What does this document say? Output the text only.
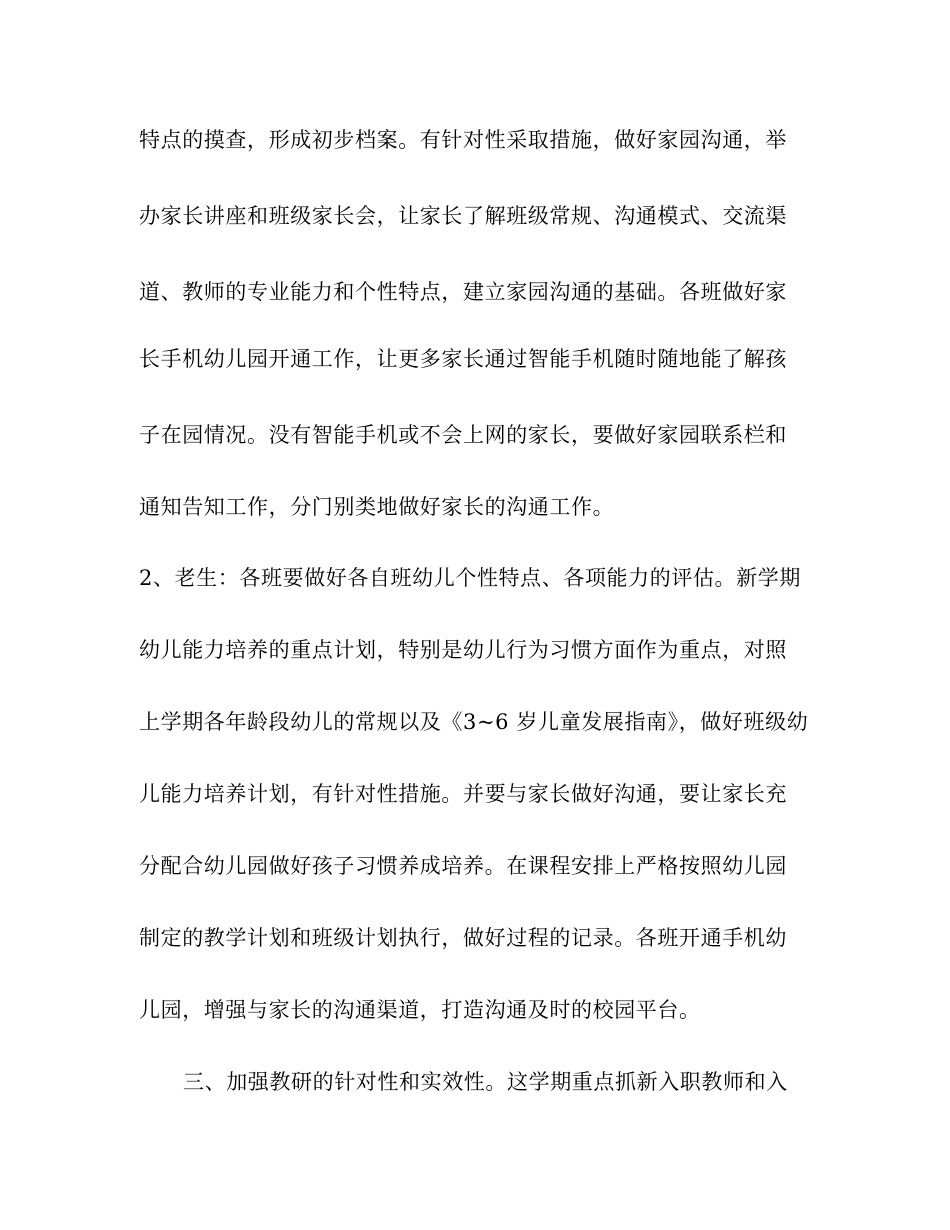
特点的摸查，形成初步档案。有针对性采取措施，做好家园沟通，举
办家长讲座和班级家长会，让家长了解班级常规、沟通模式、交流渠
道、教师的专业能力和个性特点，建立家园沟通的基础。各班做好家
长手机幼儿园开通工作，让更多家长通过智能手机随时随地能了解孩
子在园情况。没有智能手机或不会上网的家长，要做好家园联系栏和
通知告知工作，分门别类地做好家长的沟通工作。
2、老生：各班要做好各自班幼儿个性特点、各项能力的评估。新学期
幼儿能力培养的重点计划，特别是幼儿行为习惯方面作为重点，对照
上学期各年龄段幼儿的常规以及《3~6 岁儿童发展指南》，做好班级幼
儿能力培养计划，有针对性措施。并要与家长做好沟通，要让家长充
分配合幼儿园做好孩子习惯养成培养。在课程安排上严格按照幼儿园
制定的教学计划和班级计划执行，做好过程的记录。各班开通手机幼
儿园，增强与家长的沟通渠道，打造沟通及时的校园平台。
三、加强教研的针对性和实效性。这学期重点抓新入职教师和入
